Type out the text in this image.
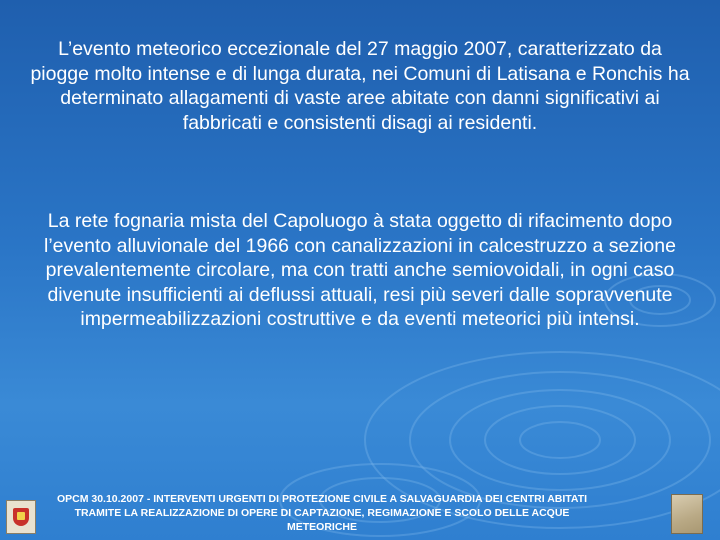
L’evento meteorico eccezionale del 27 maggio 2007, caratterizzato da piogge molto intense e di lunga durata, nei Comuni di Latisana e Ronchis ha determinato allagamenti di vaste aree abitate con danni significativi ai fabbricati e consistenti disagi ai residenti.

La rete fognaria mista del Capoluogo à stata oggetto di rifacimento dopo l’evento alluvionale del 1966 con canalizzazioni in calcestruzzo a sezione prevalentemente circolare, ma con tratti anche semiovoidali, in ogni caso divenute insufficienti ai deflussi attuali, resi più severi dalle sopravvenute impermeabilizzazioni costruttive e da eventi meteorici più intensi.

OPCM 30.10.2007 - INTERVENTI URGENTI DI PROTEZIONE CIVILE A SALVAGUARDIA DEI CENTRI ABITATI TRAMITE LA REALIZZAZIONE DI OPERE DI CAPTAZIONE, REGIMAZIONE E SCOLO DELLE ACQUE METEORICHE
